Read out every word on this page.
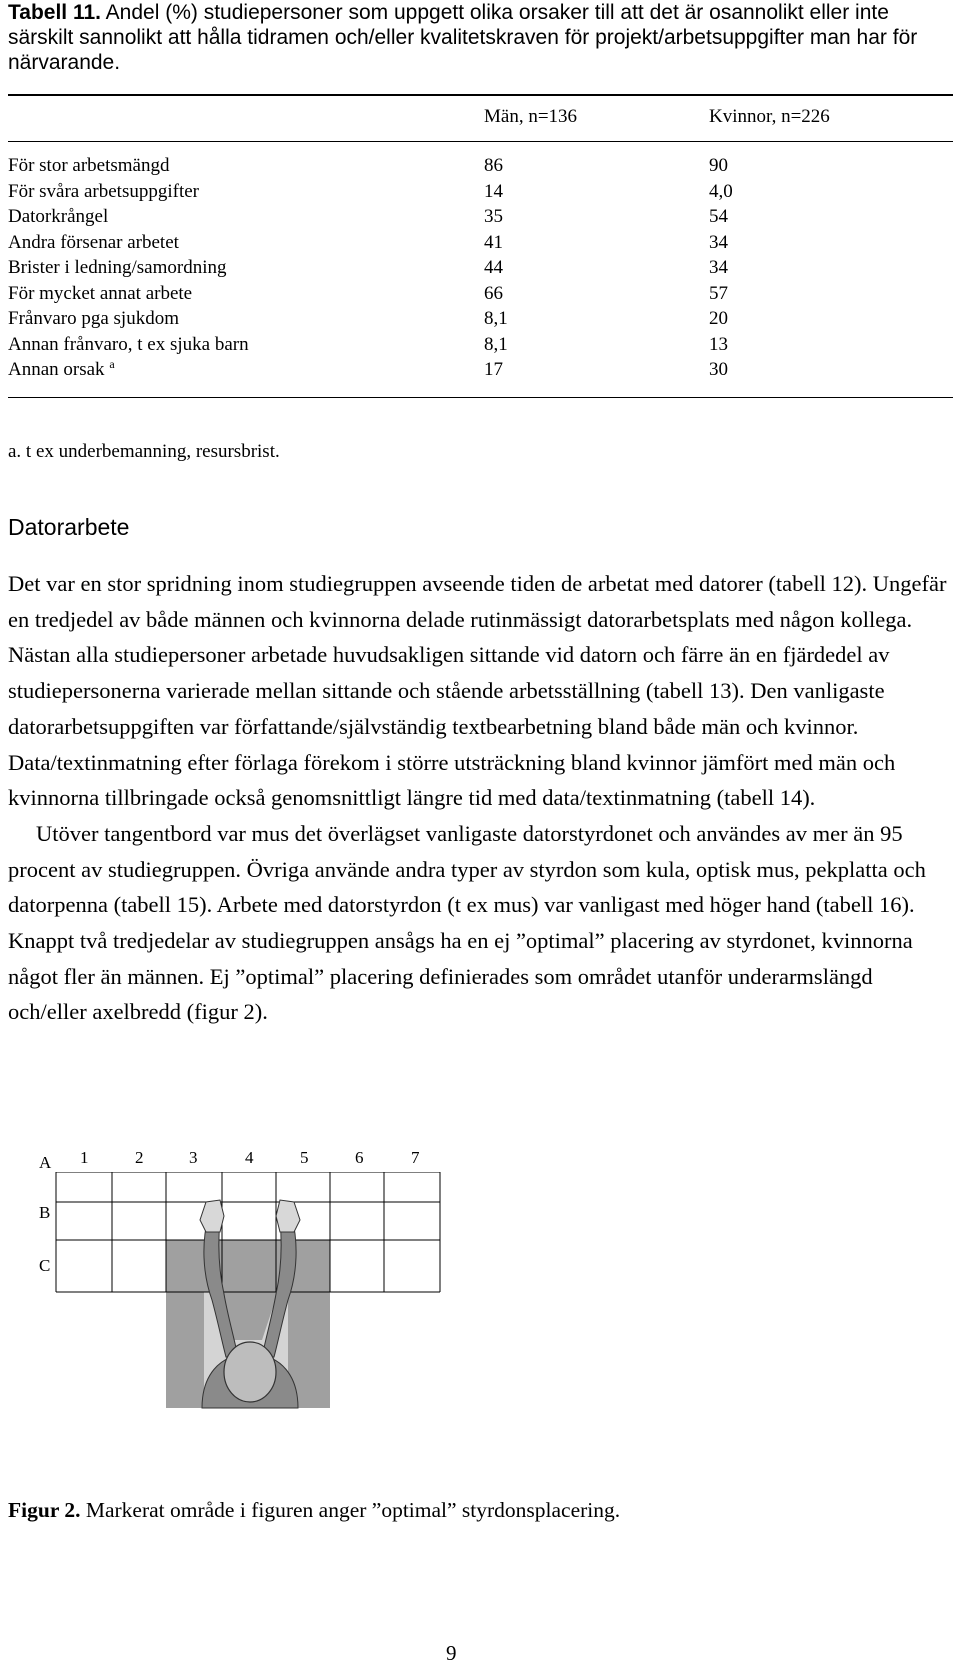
Tabell 11. Andel (%) studiepersoner som uppgett olika orsaker till att det är osannolikt eller inte särskilt sannolikt att hålla tidramen och/eller kvalitetskraven för projekt/arbetsuppgifter man har för närvarande.
Män, n=136	Kvinnor, n=226
För stor arbetsmängd	86	90
För svåra arbetsuppgifter	14	4,0
Datorkrångel	35	54
Andra försenar arbetet	41	34
Brister i ledning/samordning	44	34
För mycket annat arbete	66	57
Frånvaro pga sjukdom	8,1	20
Annan frånvaro, t ex sjuka barn	8,1	13
Annan orsak $^a$	17	30
a. t ex underbemanning, resursbrist.
Datorarbete

Det var en stor spridning inom studiegruppen avseende tiden de arbetat med datorer (tabell 12). Ungefär en tredjedel av både männen och kvinnorna delade rutinmässigt datorarbetsplats med någon kollega. Nästan alla studiepersoner arbetade huvudsakligen sittande vid datorn och färre än en fjärdedel av studiepersonerna varierade mellan sittande och stående arbetsställning (tabell 13). Den vanligaste datorarbetsuppgiften var författande/självständig textbearbetning bland både män och kvinnor. Data/textinmatning efter förlaga förekom i större utsträckning bland kvinnor jämfört med män och kvinnorna tillbringade också genomsnittligt längre tid med data/textinmatning (tabell 14).

Utöver tangentbord var mus det överlägset vanligaste datorstyrdonet och användes av mer än 95 procent av studiegruppen. Övriga använde andra typer av styrdon som kula, optisk mus, pekplatta och datorpenna (tabell 15). Arbete med datorstyrdon (t ex mus) var vanligast med höger hand (tabell 16). Knappt två tredjedelar av studiegruppen ansågs ha en ej ”optimal” placering av styrdonet, kvinnorna något fler än männen. Ej ”optimal” placering definierades som området utanför underarmslängd och/eller axelbredd (figur 2).

1	2	3	4	5	6	7
A
B
C
Figur 2. Markerat område i figuren anger ”optimal” styrdonsplacering.
9
